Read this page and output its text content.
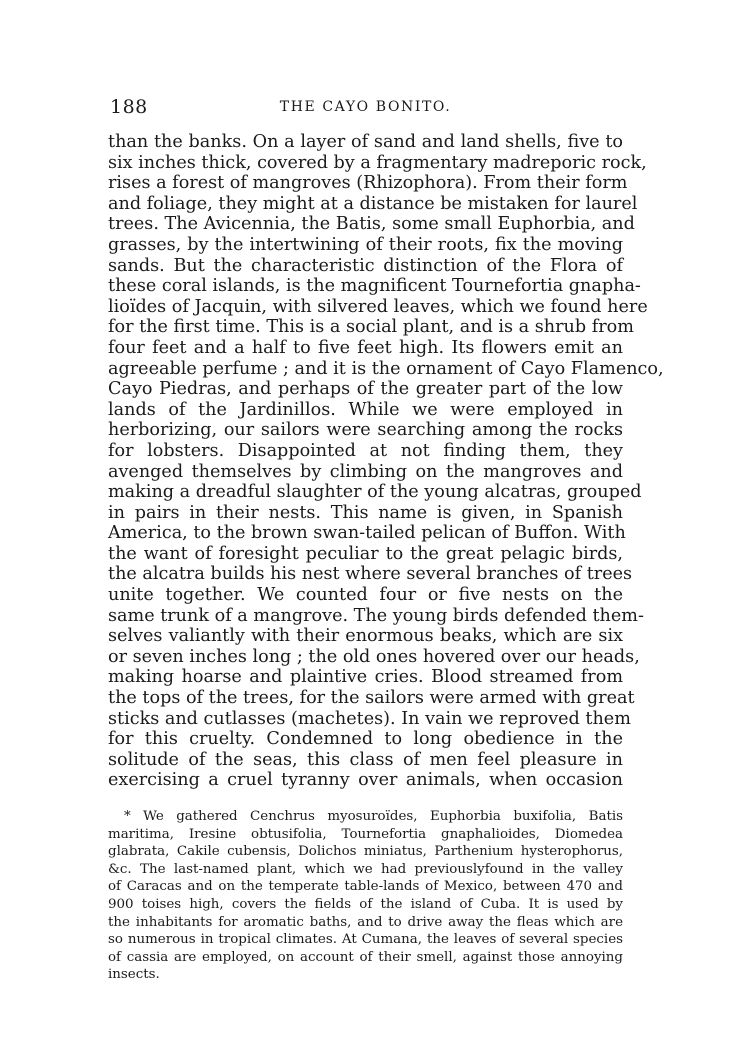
188	THE CAYO BONITO.
than the banks. On a layer of sand and land shells, five to
six inches thick, covered by a fragmentary madreporic rock,
rises a forest of mangroves (Rhizophora). From their form
and foliage, they might at a distance be mistaken for laurel
trees. The Avicennia, the Batis, some small Euphorbia, and
grasses, by the intertwining of their roots, fix the moving
sands. But the characteristic distinction of the Flora of
these coral islands, is the magnificent Tournefortia gnapha-
lioïdes of Jacquin, with silvered leaves, which we found here
for the first time. This is a social plant, and is a shrub from
four feet and a half to five feet high. Its flowers emit an
agreeable perfume ; and it is the ornament of Cayo Flamenco,
Cayo Piedras, and perhaps of the greater part of the low
lands of the Jardinillos. While we were employed in
herborizing, our sailors were searching among the rocks
for lobsters. Disappointed at not finding them, they
avenged themselves by climbing on the mangroves and
making a dreadful slaughter of the young alcatras, grouped
in pairs in their nests. This name is given, in Spanish
America, to the brown swan-tailed pelican of Buffon. With
the want of foresight peculiar to the great pelagic birds,
the alcatra builds his nest where several branches of trees
unite together. We counted four or five nests on the
same trunk of a mangrove. The young birds defended them-
selves valiantly with their enormous beaks, which are six
or seven inches long ; the old ones hovered over our heads,
making hoarse and plaintive cries. Blood streamed from
the tops of the trees, for the sailors were armed with great
sticks and cutlasses (machetes). In vain we reproved them
for this cruelty. Condemned to long obedience in the
solitude of the seas, this class of men feel pleasure in
exercising a cruel tyranny over animals, when occasion
* We gathered Cenchrus myosuroïdes, Euphorbia buxifolia, Batis
maritima, Iresine obtusifolia, Tournefortia gnaphalioides, Diomedea
glabrata, Cakile cubensis, Dolichos miniatus, Parthenium hysterophorus,
&c. The last-named plant, which we had previouslyfound in the valley
of Caracas and on the temperate table-lands of Mexico, between 470 and
900 toises high, covers the fields of the island of Cuba. It is used by
the inhabitants for aromatic baths, and to drive away the fleas which are
so numerous in tropical climates. At Cumana, the leaves of several species
of cassia are employed, on account of their smell, against those annoying
insects.
